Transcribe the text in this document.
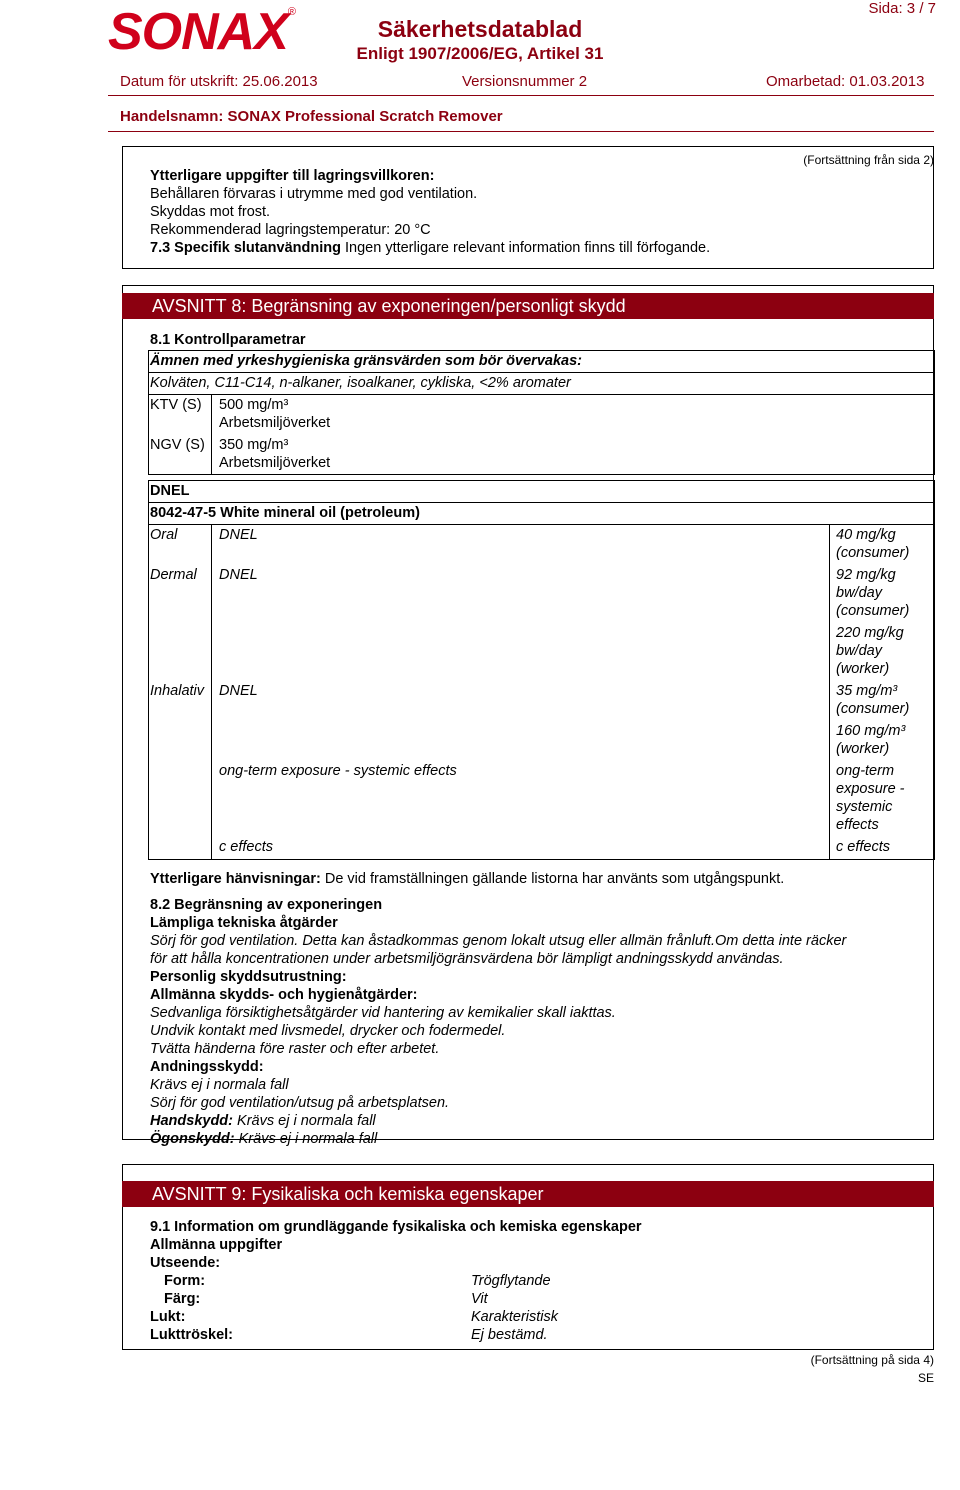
SONAX®
Säkerhetsdatablad
Enligt 1907/2006/EG, Artikel 31
Sida: 3 / 7
Datum för utskrift: 25.06.2013	Versionsnummer 2	Omarbetad: 01.03.2013
Handelsnamn: SONAX Professional Scratch Remover
(Fortsättning från sida 2)
Ytterligare uppgifter till lagringsvillkoren:
Behållaren förvaras i utrymme med god ventilation.
Skyddas mot frost.
Rekommenderad lagringstemperatur: 20 °C
7.3 Specifik slutanvändning Ingen ytterligare relevant information finns till förfogande.
AVSNITT 8: Begränsning av exponeringen/personligt skydd
8.1 Kontrollparametrar
Ämnen med yrkeshygieniska gränsvärden som bör övervakas:
Kolväten, C11-C14, n-alkaner, isoalkaner, cykliska, <2% aromater
KTV (S) 500 mg/m³
Arbetsmiljöverket
NGV (S) 350 mg/m³
Arbetsmiljöverket
DNEL
8042-47-5 White mineral oil (petroleum)
Oral	DNEL	40 mg/kg
(consumer)
Dermal DNEL	92 mg/kg
bw/day
(consumer)
220 mg/kg
bw/day
(worker)
Inhalativ DNEL	35 mg/m³
(consumer)
160 mg/m³
(worker)
ong-term exposure - systemic effects	ong-term
exposure -
systemic
effects
c effects	c effects
Ytterligare hänvisningar: De vid framställningen gällande listorna har använts som utgångspunkt.
8.2 Begränsning av exponeringen
Lämpliga tekniska åtgärder
Sörj för god ventilation. Detta kan åstadkommas genom lokalt utsug eller allmän frånluft.Om detta inte räcker
för att hålla koncentrationen under arbetsmiljögränsvärdena bör lämpligt andningsskydd användas.
Personlig skyddsutrustning:
Allmänna skydds- och hygienåtgärder:
Sedvanliga försiktighetsåtgärder vid hantering av kemikalier skall iakttas.
Undvik kontakt med livsmedel, drycker och fodermedel.
Tvätta händerna före raster och efter arbetet.
Andningsskydd:
Krävs ej i normala fall
Sörj för god ventilation/utsug på arbetsplatsen.
Handskydd: Krävs ej i normala fall
Ögonskydd: Krävs ej i normala fall
AVSNITT 9: Fysikaliska och kemiska egenskaper
9.1 Information om grundläggande fysikaliska och kemiska egenskaper
Allmänna uppgifter
Utseende:
Form:	Trögflytande
Färg:	Vit
Lukt:	Karakteristisk
Lukttröskel:	Ej bestämd.
(Fortsättning på sida 4)
SE
